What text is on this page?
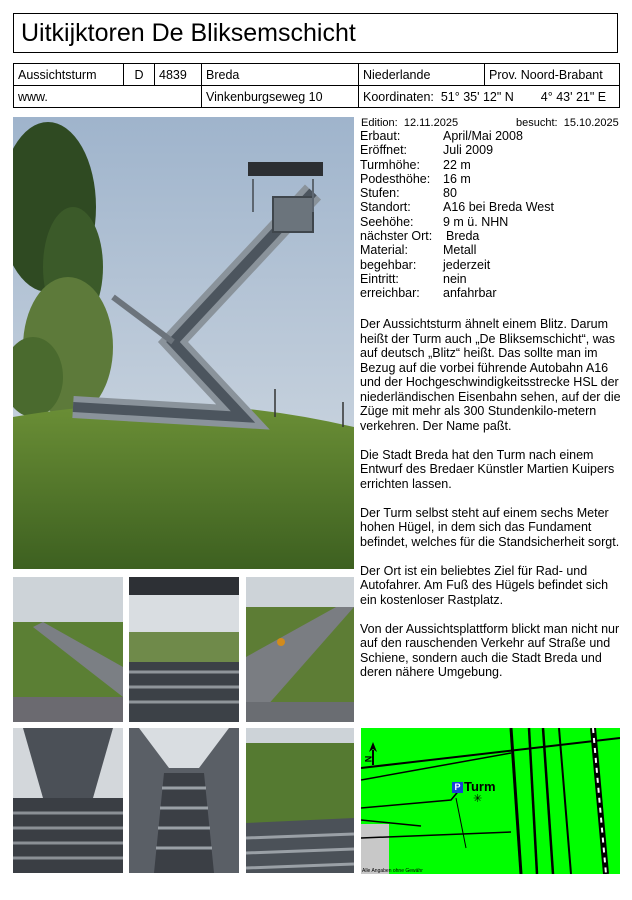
Uitkijktoren De Bliksemschicht
Aussichtsturm	D	4839	Breda	Niederlande	Prov. Noord-Brabant
www.			Vinkenburgseweg 10	Koordinaten: 51° 35' 12" N 4° 43' 21" E	
Edition: 12.11.2025	besucht: 15.10.2025
Erbaut:	April/Mai 2008
Eröffnet:	Juli 2009
Turmhöhe:	22 m
Podesthöhe:	16 m
Stufen:	80
Standort:	A16 bei Breda West
Seehöhe:	9 m ü. NHN
nächster Ort:	Breda
Material:	Metall
begehbar:	jederzeit
Eintritt:	nein
erreichbar:	anfahrbar

Der Aussichtsturm ähnelt einem Blitz. Darum heißt der Turm auch „De Bliksemschicht“, was auf deutsch „Blitz“ heißt. Das sollte man im Bezug auf die vorbei führende Autobahn A16 und der Hochgeschwindigkeitsstrecke HSL der niederländischen Eisenbahn sehen, auf der die Züge mit mehr als 300 Stundenkilo-metern verkehren. Der Name paßt.

Die Stadt Breda hat den Turm nach einem Entwurf des Bredaer Künstler Martien Kuipers errichten lassen.

Der Turm selbst steht auf einem sechs Meter hohen Hügel, in dem sich das Fundament befindet, welches für die Standsicherheit sorgt.

Der Ort ist ein beliebtes Ziel für Rad- und Autofahrer. Am Fuß des Hügels befindet sich ein kostenloser Rastplatz.

Von der Aussichtsplattform blickt man nicht nur auf den rauschenden Verkehr auf Straße und Schiene, sondern auch die Stadt Breda und deren nähere Umgebung.

N
P Turm
✳
Alle Angaben ohne Gewähr
